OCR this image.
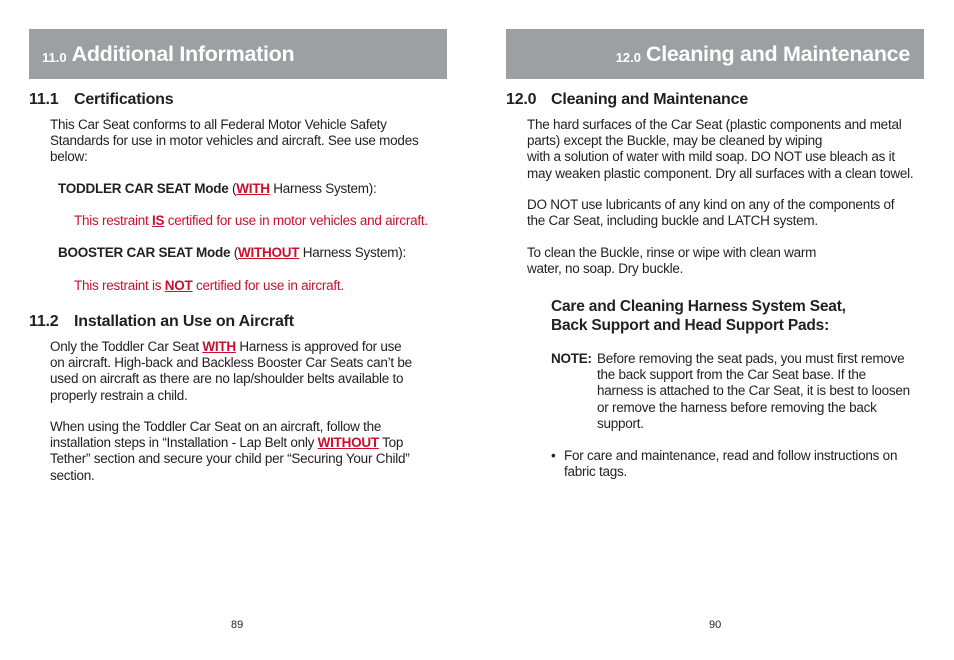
11.0 Additional Information
11.1 Certifications
This Car Seat conforms to all Federal Motor Vehicle Safety
Standards for use in motor vehicles and aircraft. See use modes
below:
TODDLER CAR SEAT Mode (WITH Harness System):
This restraint IS certified for use in motor vehicles and aircraft.
BOOSTER CAR SEAT Mode (WITHOUT Harness System):
This restraint is NOT certified for use in aircraft.
11.2 Installation an Use on Aircraft
Only the Toddler Car Seat WITH Harness is approved for use
on aircraft. High-back and Backless Booster Car Seats can’t be
used on aircraft as there are no lap/shoulder belts available to
properly restrain a child.
When using the Toddler Car Seat on an aircraft, follow the
installation steps in “Installation - Lap Belt only WITHOUT Top
Tether” section and secure your child per “Securing Your Child”
section.
89
12.0 Cleaning and Maintenance
12.0 Cleaning and Maintenance
The hard surfaces of the Car Seat (plastic components and metal
parts) except the Buckle, may be cleaned by wiping
with a solution of water with mild soap. DO NOT use bleach as it
may weaken plastic component. Dry all surfaces with a clean towel.
DO NOT use lubricants of any kind on any of the components of
the Car Seat, including buckle and LATCH system.
To clean the Buckle, rinse or wipe with clean warm
water, no soap. Dry buckle.
Care and Cleaning Harness System Seat,
Back Support and Head Support Pads:
NOTE: Before removing the seat pads, you must first remove
the back support from the Car Seat base. If the
harness is attached to the Car Seat, it is best to loosen
or remove the harness before removing the back
support.
• For care and maintenance, read and follow instructions on
fabric tags.
90
